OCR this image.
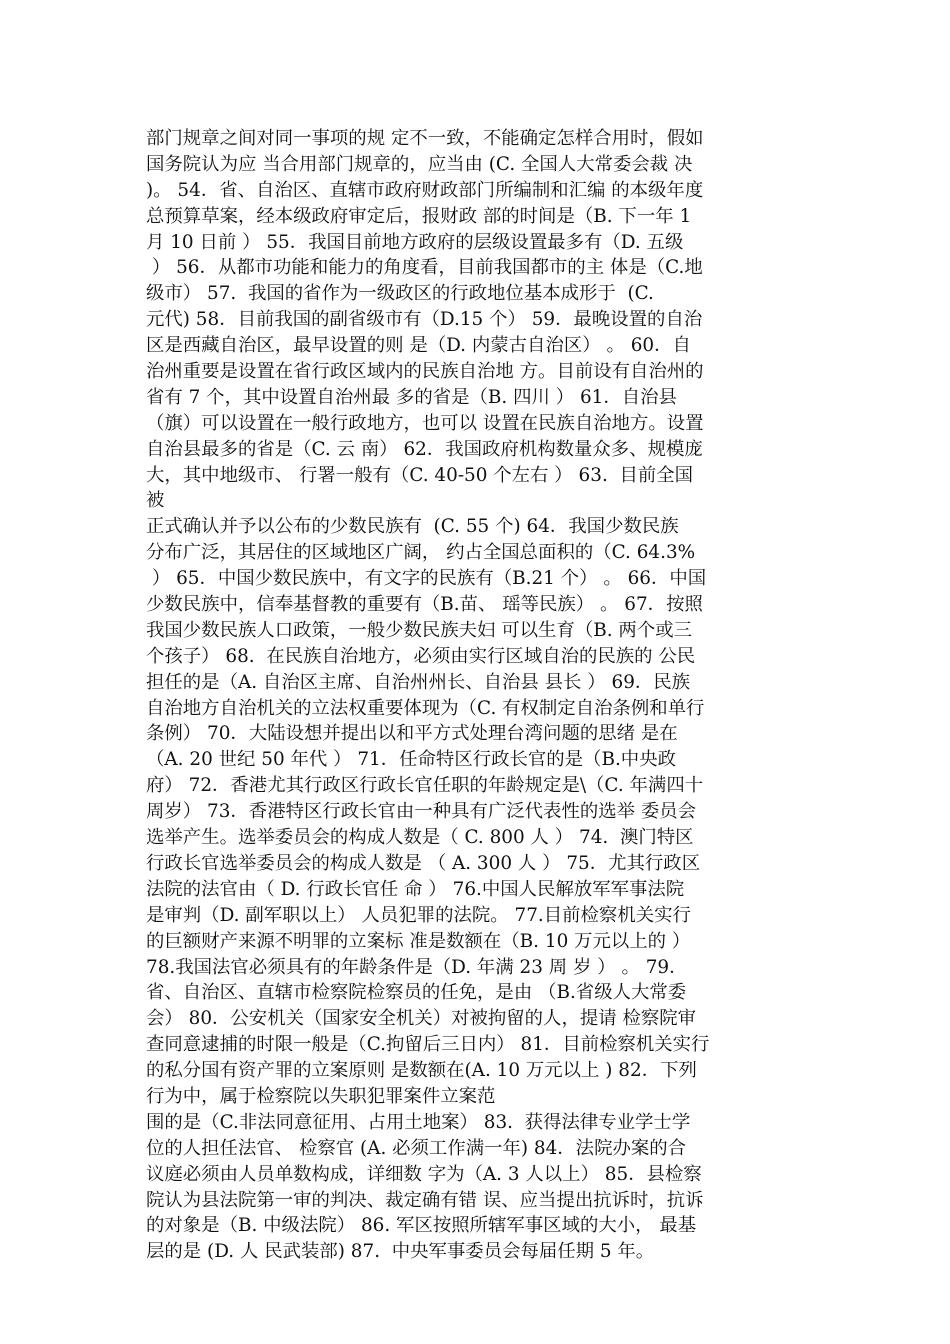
部门规章之间对同一事项的规 定不一致，不能确定怎样合用时，假如
国务院认为应 当合用部门规章的，应当由 (C. 全国人大常委会裁 决
)。 54．省、自治区、直辖市政府财政部门所编制和汇编 的本级年度
总预算草案，经本级政府审定后，报财政 部的时间是（B. 下一年 1
月 10 日前 ） 55．我国目前地方政府的层级设置最多有（D. 五级
） 56．从都市功能和能力的角度看，目前我国都市的主 体是（C.地
级市） 57.  我国的省作为一级政区的行政地位基本成形于  (C.
元代) 58．目前我国的副省级市有（D.15 个） 59．最晚设置的自治
区是西藏自治区，最早设置的则 是（D. 内蒙古自治区） 。 60．自
治州重要是设置在省行政区域内的民族自治地 方。目前设有自治州的
省有 7 个，其中设置自治州最 多的省是（B. 四川 ） 61．自治县
（旗）可以设置在一般行政地方，也可以 设置在民族自治地方。设置
自治县最多的省是（C. 云 南） 62．我国政府机构数量众多、规模庞
大，其中地级市、 行署一般有（C. 40-50 个左右 ） 63.  目前全国
被
正式确认并予以公布的少数民族有  (C. 55 个) 64．我国少数民族
分布广泛，其居住的区域地区广阔， 约占全国总面积的（C. 64.3%
） 65．中国少数民族中，有文字的民族有（B.21 个） 。 66．中国
少数民族中，信奉基督教的重要有（B.苗、 瑶等民族） 。 67．按照
我国少数民族人口政策，一般少数民族夫妇 可以生育（B. 两个或三
个孩子） 68.  在民族自治地方，必须由实行区域自治的民族的 公民
担任的是（A. 自治区主席、自治州州长、自治县 县长 ） 69．民族
自治地方自治机关的立法权重要体现为（C. 有权制定自治条例和单行
条例） 70．大陆设想并提出以和平方式处理台湾问题的思绪 是在
（A. 20 世纪 50 年代 ） 71．任命特区行政长官的是（B.中央政
府） 72．香港尤其行政区行政长官任职的年龄规定是\（C. 年满四十
周岁） 73．香港特区行政长官由一种具有广泛代表性的选举 委员会
选举产生。选举委员会的构成人数是（ C. 800 人 ） 74.  澳门特区
行政长官选举委员会的构成人数是 （ A. 300 人 ） 75．尤其行政区
法院的法官由（ D. 行政长官任 命 ） 76.中国人民解放军军事法院
是审判（D. 副军职以上） 人员犯罪的法院。 77.目前检察机关实行
的巨额财产来源不明罪的立案标 准是数额在（B. 10 万元以上的 ）
78.我国法官必须具有的年龄条件是（D. 年满 23 周 岁 ） 。 79．
省、自治区、直辖市检察院检察员的任免，是由 （B.省级人大常委
会） 80．公安机关（国家安全机关）对被拘留的人，提请 检察院审
查同意逮捕的时限一般是（C.拘留后三日内） 81．目前检察机关实行
的私分国有资产罪的立案原则 是数额在(A. 10 万元以上 ) 82．下列
行为中，属于检察院以失职犯罪案件立案范
围的是（C.非法同意征用、占用土地案） 83.  获得法律专业学士学
位的人担任法官、 检察官 (A. 必须工作满一年) 84．法院办案的合
议庭必须由人员单数构成，详细数 字为（A. 3 人以上） 85．县检察
院认为县法院第一审的判决、裁定确有错 误、应当提出抗诉时，抗诉
的对象是（B. 中级法院） 86. 军区按照所辖军事区域的大小， 最基
层的是 (D. 人 民武装部) 87.  中央军事委员会每届任期 5 年。
